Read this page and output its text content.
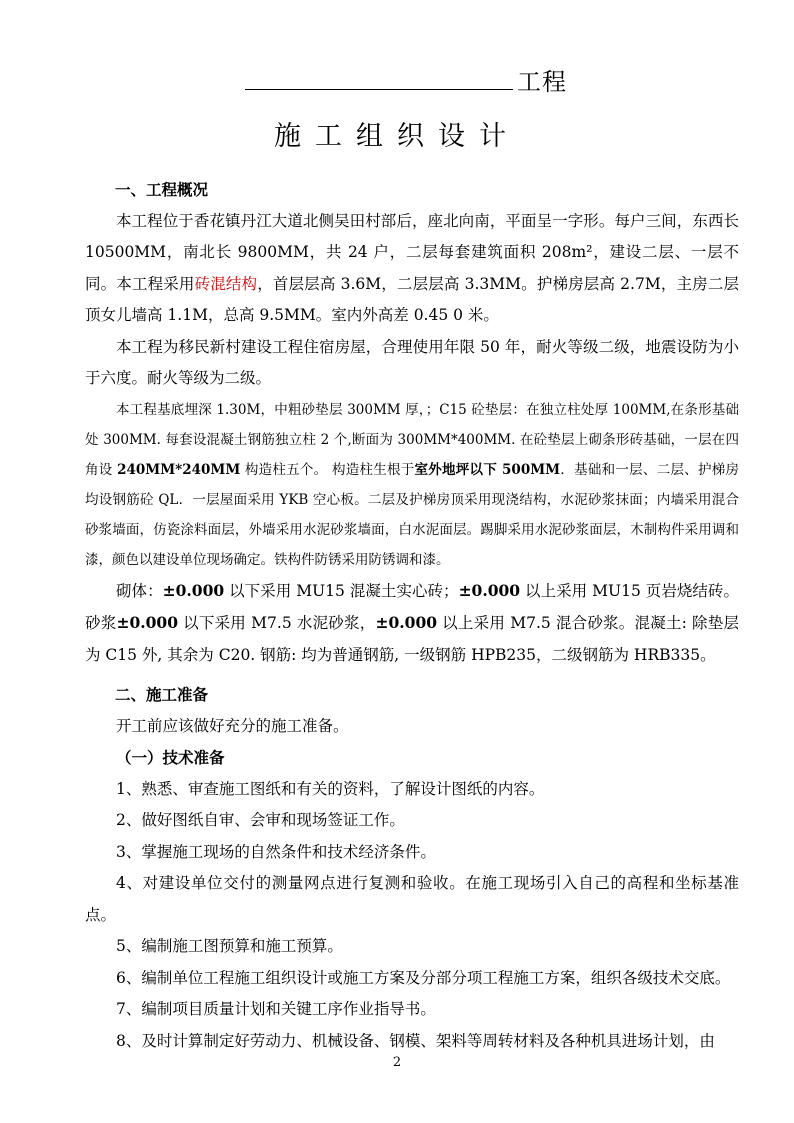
工程
施工组织设计

一、工程概况

本工程位于香花镇丹江大道北侧吴田村部后，座北向南，平面呈一字形。每户三间，东西长 10500MM，南北长 9800MM，共 24 户，二层每套建筑面积 208m²，建设二层、一层不同。本工程采用砖混结构，首层层高 3.6M，二层层高 3.3MM。护梯房层高 2.7M，主房二层顶女儿墙高 1.1M，总高 9.5MM。室内外高差 0.45 0 米。

本工程为移民新村建设工程住宿房屋，合理使用年限 50 年，耐火等级二级，地震设防为小于六度。耐火等级为二级。

本工程基底埋深 1.30M，中粗砂垫层 300MM 厚，；C15 砼垫层：在独立柱处厚 100MM,在条形基础处 300MM. 每套设混凝土钢筋独立柱 2 个,断面为 300MM*400MM. 在砼垫层上砌条形砖基础，一层在四角设 240MM*240MM 构造柱五个。 构造柱生根于室外地坪以下 500MM．基础和一层、二层、护梯房均设钢筋砼 QL．一层屋面采用 YKB 空心板。二层及护梯房顶采用现浇结构，水泥砂浆抹面；内墙采用混合砂浆墙面，仿瓷涂料面层，外墙采用水泥砂浆墙面，白水泥面层。踢脚采用水泥砂浆面层，木制构件采用调和漆，颜色以建设单位现场确定。铁构件防锈采用防锈调和漆。

砌体：±0.000 以下采用 MU15 混凝土实心砖；±0.000 以上采用 MU15 页岩烧结砖。砂浆±0.000 以下采用 M7.5 水泥砂浆，±0.000 以上采用 M7.5 混合砂浆。混凝土: 除垫层为 C15 外, 其余为 C20. 钢筋: 均为普通钢筋, 一级钢筋 HPB235，二级钢筋为 HRB335。

二、施工准备

开工前应该做好充分的施工准备。

（一）技术准备

1、熟悉、审查施工图纸和有关的资料，了解设计图纸的内容。

2、做好图纸自审、会审和现场签证工作。

3、掌握施工现场的自然条件和技术经济条件。

4、对建设单位交付的测量网点进行复测和验收。在施工现场引入自己的高程和坐标基准点。

5、编制施工图预算和施工预算。

6、编制单位工程施工组织设计或施工方案及分部分项工程施工方案，组织各级技术交底。

7、编制项目质量计划和关键工序作业指导书。

8、及时计算制定好劳动力、机械设备、钢模、架料等周转材料及各种机具进场计划，由

2
